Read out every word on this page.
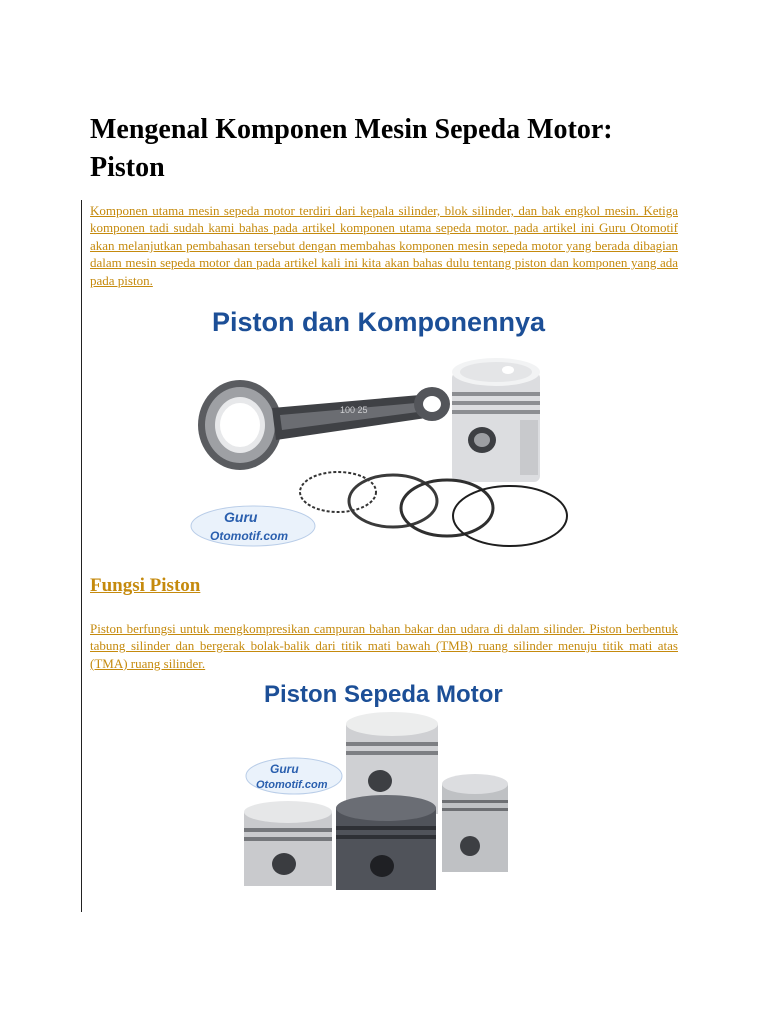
Mengenal Komponen Mesin Sepeda Motor: Piston

Komponen utama mesin sepeda motor terdiri dari kepala silinder, blok silinder, dan bak engkol mesin. Ketiga komponen tadi sudah kami bahas pada artikel komponen utama sepeda motor. pada artikel ini Guru Otomotif akan melanjutkan pembahasan tersebut dengan membahas komponen mesin sepeda motor yang berada dibagian dalam mesin sepeda motor dan pada artikel kali ini kita akan bahas dulu tentang piston dan komponen yang ada pada piston.

Piston dan Komponennya
100 25
Guru
Otomotif.com
Fungsi Piston

Piston berfungsi untuk mengkompresikan campuran bahan bakar dan udara di dalam silinder. Piston berbentuk tabung silinder dan bergerak bolak-balik dari titik mati bawah (TMB) ruang silinder menuju titik mati atas (TMA) ruang silinder.

Piston Sepeda Motor
Guru
Otomotif.com
